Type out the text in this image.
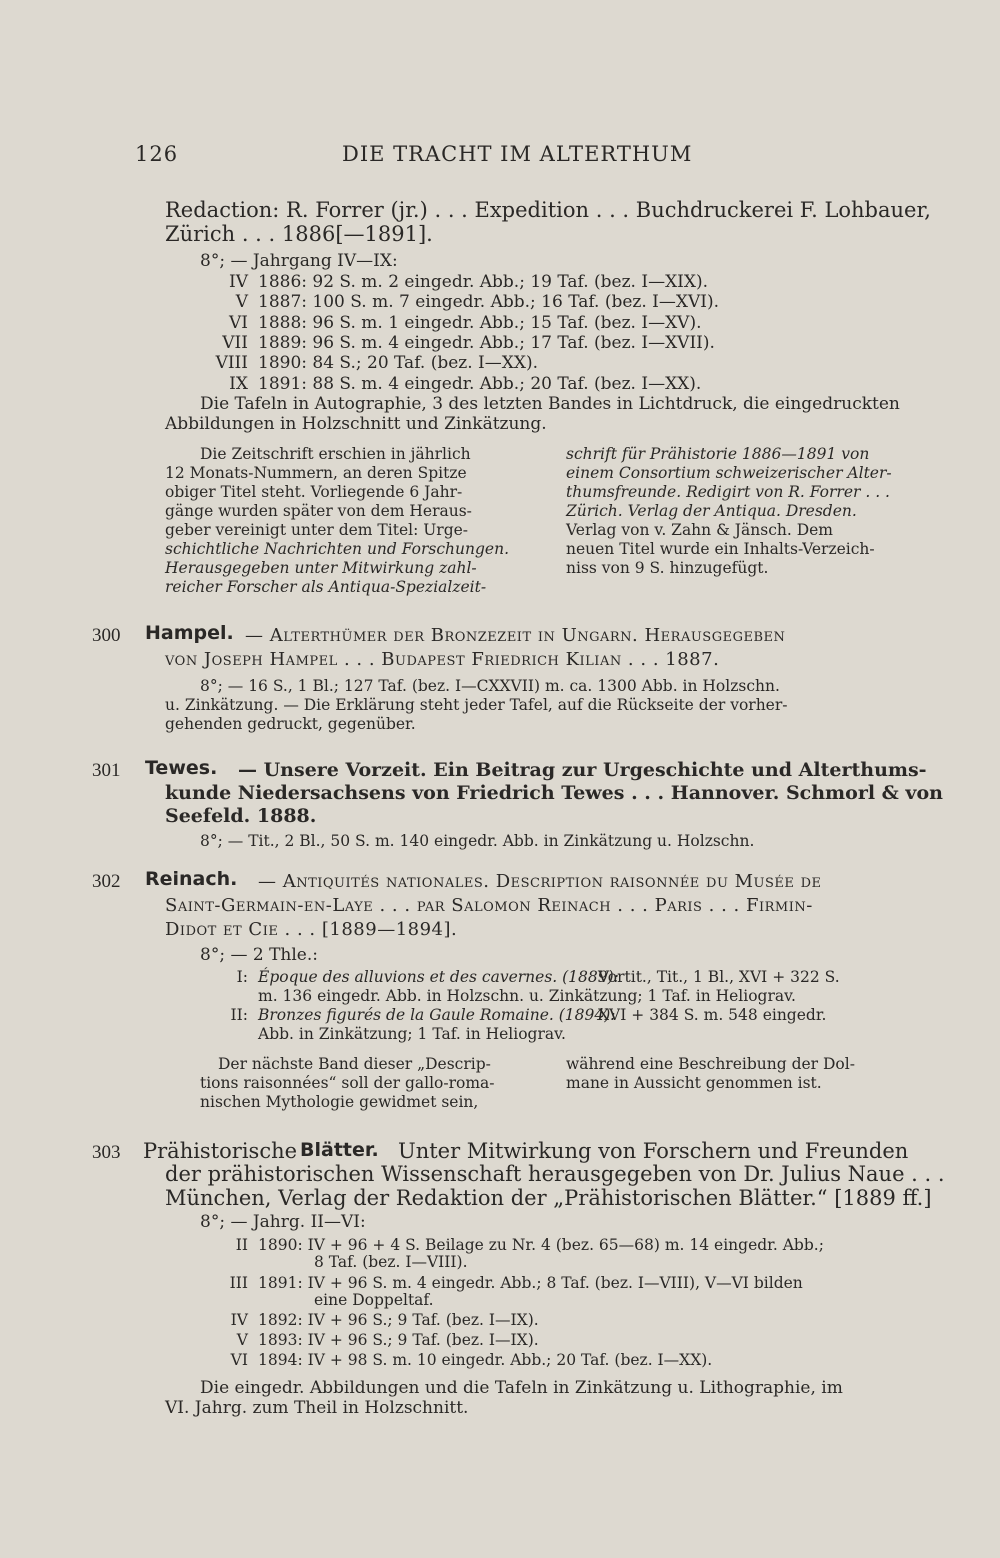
126	DIE TRACHT IM ALTERTHUM
Redaction: R. Forrer (jr.) . . . Expedition . . . Buchdruckerei F. Lohbauer,
Zürich . . . 1886[—1891].
8°; — Jahrgang IV—IX:
IV 1886: 92 S. m. 2 eingedr. Abb.; 19 Taf. (bez. I—XIX).
V 1887: 100 S. m. 7 eingedr. Abb.; 16 Taf. (bez. I—XVI).
VI 1888: 96 S. m. 1 eingedr. Abb.; 15 Taf. (bez. I—XV).
VII 1889: 96 S. m. 4 eingedr. Abb.; 17 Taf. (bez. I—XVII).
VIII 1890: 84 S.; 20 Taf. (bez. I—XX).
IX 1891: 88 S. m. 4 eingedr. Abb.; 20 Taf. (bez. I—XX).
Die Tafeln in Autographie, 3 des letzten Bandes in Lichtdruck, die eingedruckten
Abbildungen in Holzschnitt und Zinkätzung.
Die Zeitschrift erschien in jährlich
12 Monats-Nummern, an deren Spitze
obiger Titel steht. Vorliegende 6 Jahr-
gänge wurden später von dem Heraus-
geber vereinigt unter dem Titel: Urge-
schichtliche Nachrichten und Forschungen.
Herausgegeben unter Mitwirkung zahl-
reicher Forscher als Antiqua-Spezialzeit-
schrift für Prähistorie 1886—1891 von
einem Consortium schweizerischer Alter-
thumsfreunde. Redigirt von R. Forrer . . .
Zürich. Verlag der Antiqua. Dresden.
Verlag von v. Zahn & Jänsch. Dem
neuen Titel wurde ein Inhalts-Verzeich-
niss von 9 S. hinzugefügt.
300 Hampel. — Alterthümer der Bronzezeit in Ungarn. Herausgegeben
von Joseph Hampel . . . Budapest Friedrich Kilian . . . 1887.
8°; — 16 S., 1 Bl.; 127 Taf. (bez. I—CXXVII) m. ca. 1300 Abb. in Holzschn.
u. Zinkätzung. — Die Erklärung steht jeder Tafel, auf die Rückseite der vorher-
gehenden gedruckt, gegenüber.
301 Tewes. — Unsere Vorzeit. Ein Beitrag zur Urgeschichte und Alterthums-
kunde Niedersachsens von Friedrich Tewes . . . Hannover. Schmorl & von
Seefeld. 1888.
8°; — Tit., 2 Bl., 50 S. m. 140 eingedr. Abb. in Zinkätzung u. Holzschn.
302 Reinach. — Antiquités nationales. Description raisonnée du Musée de
Saint-Germain-en-Laye . . . par Salomon Reinach . . . Paris . . . Firmin-
Didot et Cie . . . [1889—1894].
8°; — 2 Thle.:
I: Époque des alluvions et des cavernes. (1889):
Vortit., Tit., 1 Bl., XVI + 322 S.
m. 136 eingedr. Abb. in Holzschn. u. Zinkätzung; 1 Taf. in Heliograv.
II: Bronzes figurés de la Gaule Romaine. (1894):
XVI + 384 S. m. 548 eingedr.
Abb. in Zinkätzung; 1 Taf. in Heliograv.
Der nächste Band dieser „Descrip-
tions raisonnées“ soll der gallo-roma-
nischen Mythologie gewidmet sein,
während eine Beschreibung der Dol-
mane in Aussicht genommen ist.
303 Prähistorische Blätter. Unter Mitwirkung von Forschern und Freunden
der prähistorischen Wissenschaft herausgegeben von Dr. Julius Naue . . .
München, Verlag der Redaktion der „Prähistorischen Blätter.“ [1889 ff.]
8°; — Jahrg. II—VI:
II 1890: IV + 96 + 4 S. Beilage zu Nr. 4 (bez. 65—68) m. 14 eingedr. Abb.;
8 Taf. (bez. I—VIII).
III 1891: IV + 96 S. m. 4 eingedr. Abb.; 8 Taf. (bez. I—VIII), V—VI bilden
eine Doppeltaf.
IV 1892: IV + 96 S.; 9 Taf. (bez. I—IX).
V 1893: IV + 96 S.; 9 Taf. (bez. I—IX).
VI 1894: IV + 98 S. m. 10 eingedr. Abb.; 20 Taf. (bez. I—XX).
Die eingedr. Abbildungen und die Tafeln in Zinkätzung u. Lithographie, im
VI. Jahrg. zum Theil in Holzschnitt.
